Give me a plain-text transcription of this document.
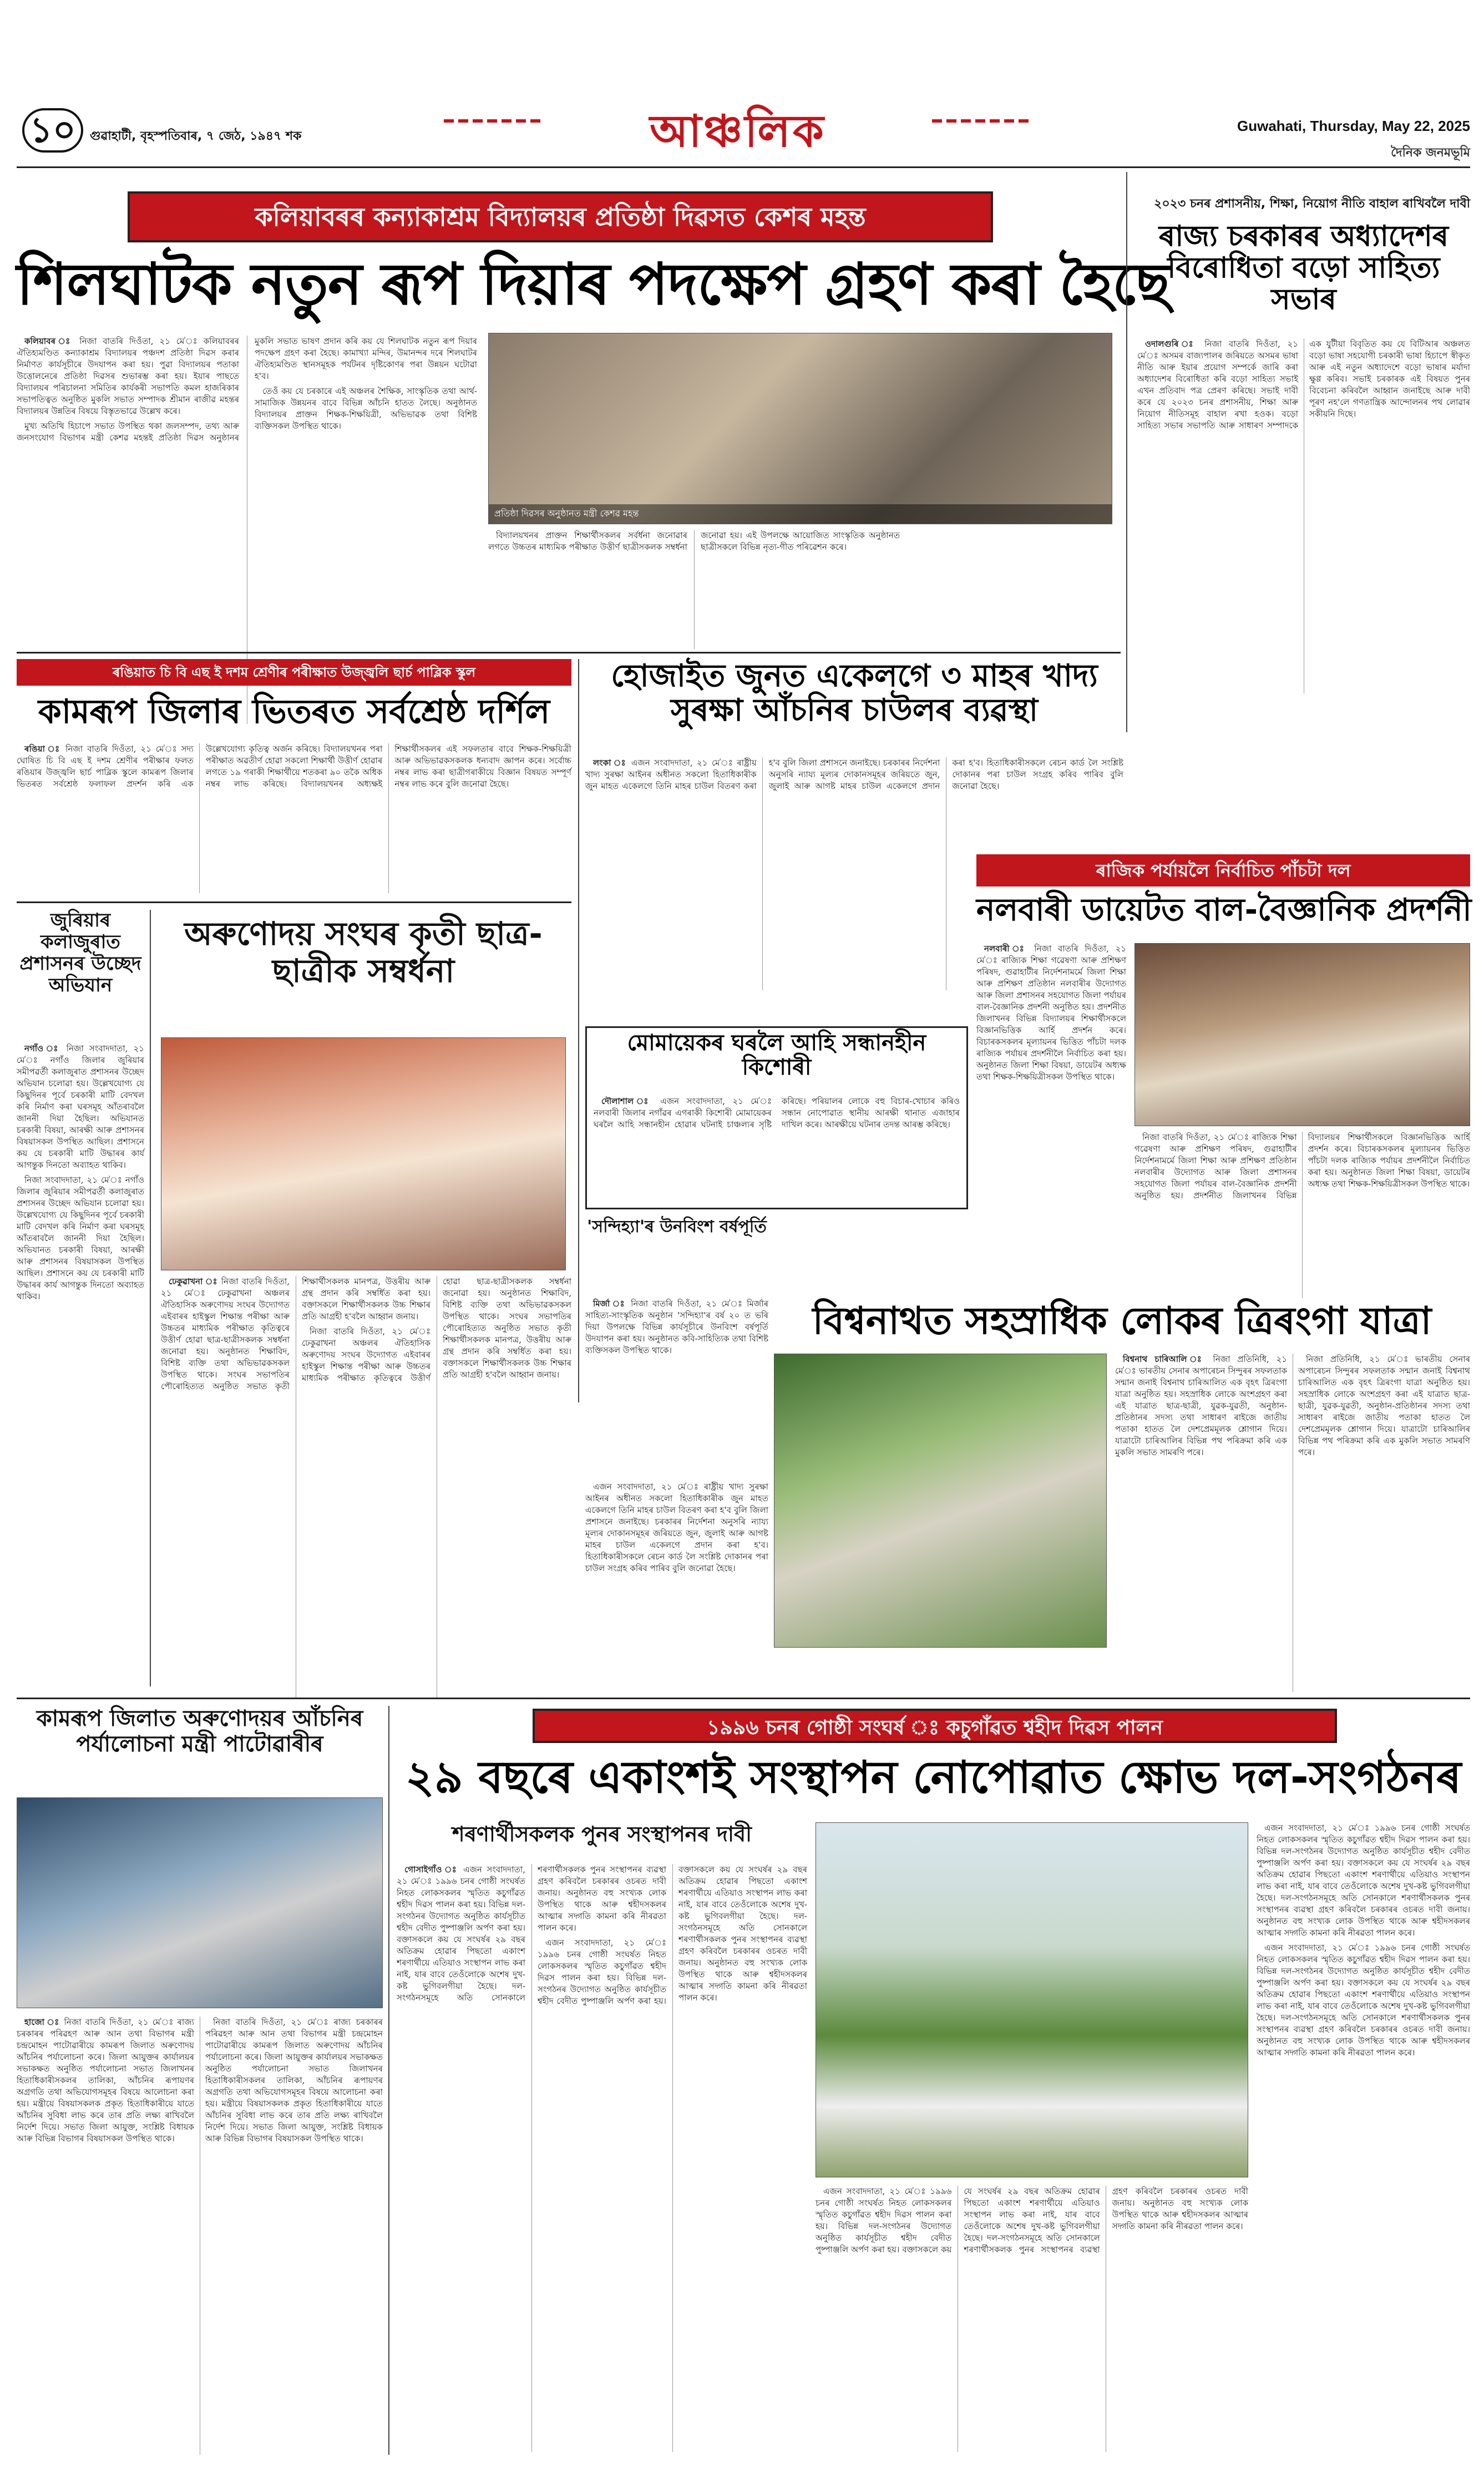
১০	গুৱাহাটী, বৃহস্পতিবাৰ, ৭ জেঠ, ১৯৪৭ শক	আঞ্চলিক	Guwahati, Thursday, May 22, 2025
দৈনিক জনমভূমি
কলিয়াবৰৰ কন্যাকাশ্ৰম বিদ্যালয়ৰ প্ৰতিষ্ঠা দিৱসত কেশৰ মহন্ত
শিলঘাটক নতুন ৰূপ দিয়াৰ পদক্ষেপ গ্ৰহণ কৰা হৈছে

কলিয়াবৰ ঃ নিজা বাতৰি দিওঁতা, ২১ মে'ঃ কলিয়াবৰৰ ঐতিহ্যমণ্ডিত কন্যাকাশ্ৰম বিদ্যালয়ৰ পঞ্চদশ প্ৰতিষ্ঠা দিৱস কৰাৰ নিৰ্মাণত কাৰ্যসূচীৰে উদযাপন কৰা হয়। পুৱা বিদ্যালয়ৰ পতাকা উত্তোলনেৰে প্ৰতিষ্ঠা দিৱসৰ শুভাৰম্ভ কৰা হয়। ইয়াৰ পাছতে বিদ্যালয়ৰ পৰিচালনা সমিতিৰ কাৰ্যকৰী সভাপতি কমল হাজৰিকাৰ সভাপতিত্বত অনুষ্ঠিত মুকলি সভাত সম্পাদক শ্ৰীমান ৰাজীৱ মহন্তৰ বিদ্যালয়ৰ উন্নতিৰ বিষয়ে বিস্তৃতভাৱে উল্লেখ কৰে।

মুখ্য অতিথি হিচাপে সভাত উপস্থিত থকা জলসম্পদ, তথ্য আৰু জনসংযোগ বিভাগৰ মন্ত্ৰী কেশৱ মহন্তই প্ৰতিষ্ঠা দিৱস অনুষ্ঠানৰ মুকলি সভাত ভাষণ প্ৰদান কৰি কয় যে শিলঘাটক নতুন ৰূপ দিয়াৰ পদক্ষেপ গ্ৰহণ কৰা হৈছে। কামাখ্যা মন্দিৰ, উমানন্দৰ দৰে শিলঘাটৰ ঐতিহ্যমণ্ডিত স্থানসমূহক পৰ্যটনৰ দৃষ্টিকোণৰ পৰা উন্নয়ন ঘটোৱা হ'ব।

তেওঁ কয় যে চৰকাৰে এই অঞ্চলৰ শৈক্ষিক, সাংস্কৃতিক তথা আৰ্থ-সামাজিক উন্নয়নৰ বাবে বিভিন্ন আঁচনি হাতত লৈছে। অনুষ্ঠানত বিদ্যালয়ৰ প্ৰাক্তন শিক্ষক-শিক্ষয়িত্ৰী, অভিভাৱক তথা বিশিষ্ট ব্যক্তিসকল উপস্থিত থাকে।

প্ৰতিষ্ঠা দিৱসৰ অনুষ্ঠানত মন্ত্ৰী কেশৱ মহন্ত

বিদ্যালয়খনৰ প্ৰাক্তন শিক্ষাৰ্থীসকলৰ সৰ্বৰ্ধনা জনোৱাৰ লগতে উচ্চতৰ মাধ্যমিক পৰীক্ষাত উত্তীৰ্ণ ছাত্ৰীসকলক সম্বৰ্ধনা জনোৱা হয়। এই উপলক্ষে আয়োজিত সাংস্কৃতিক অনুষ্ঠানত ছাত্ৰীসকলে বিভিন্ন নৃত্য-গীত পৰিৱেশন কৰে।

২০২৩ চনৰ প্ৰশাসনীয়, শিক্ষা, নিয়োগ নীতি বাহাল ৰাখিবলৈ দাবী
ৰাজ্য চৰকাৰৰ অধ্যাদেশৰ বিৰোধিতা বড়ো সাহিত্য সভাৰ

ওদালগুৰি ঃ নিজা বাতৰি দিওঁতা, ২১ মে'ঃ অসমৰ বাজ্যপালৰ জৰিয়তে অসমৰ ভাষা নীতি আৰু ইয়াৰ প্ৰয়োগ সম্পৰ্কে জাৰি কৰা অধ্যাদেশৰ বিৰোধিতা কৰি বড়ো সাহিত্য সভাই এখন প্ৰতিবাদ পত্ৰ প্ৰেৰণ কৰিছে। সভাই দাবী কৰে যে ২০২৩ চনৰ প্ৰশাসনীয়, শিক্ষা আৰু নিয়োগ নীতিসমূহ বাহাল ৰখা হওক। বড়ো সাহিত্য সভাৰ সভাপতি আৰু সাধাৰণ সম্পাদকে এক যুটীয়া বিবৃতিত কয় যে বিটিআৰ অঞ্চলত বড়ো ভাষা সহযোগী চৰকাৰী ভাষা হিচাপে স্বীকৃত আৰু এই নতুন অধ্যাদেশে বড়ো ভাষাৰ মৰ্যাদা ক্ষুণ্ণ কৰিব। সভাই চৰকাৰক এই বিষয়ত পুনৰ বিবেচনা কৰিবলৈ আহ্বান জনাইছে আৰু দাবী পূৰণ নহ'লে গণতান্ত্ৰিক আন্দোলনৰ পথ লোৱাৰ সকীয়নি দিছে।

ৰঙিয়াত চি বি এছ ই দশম শ্ৰেণীৰ পৰীক্ষাত উজ্জ্বলি ছাৰ্চ পাব্লিক স্কুল
কামৰূপ জিলাৰ ভিতৰত সৰ্বশ্ৰেষ্ঠ দৰ্শিল

ৰঙিয়া ঃ নিজা বাতৰি দিওঁতা, ২১ মে'ঃ সদ্য ঘোষিত চি বি এছ ই দশম শ্ৰেণীৰ পৰীক্ষাৰ ফলত ৰঙিয়াৰ উজ্জ্বলি ছাৰ্চ পাব্লিক স্কুলে কামৰূপ জিলাৰ ভিতৰত সৰ্বশ্ৰেষ্ঠ ফলাফল প্ৰদৰ্শন কৰি এক উল্লেখযোগ্য কৃতিত্ব অৰ্জন কৰিছে। বিদ্যালয়খনৰ পৰা পৰীক্ষাত অৱতীৰ্ণ হোৱা সকলো শিক্ষাৰ্থী উত্তীৰ্ণ হোৱাৰ লগতে ১৯ গৰাকী শিক্ষাৰ্থীয়ে শতকৰা ৯০ তকৈ অধিক নম্বৰ লাভ কৰিছে। বিদ্যালয়খনৰ অধ্যক্ষই শিক্ষাৰ্থীসকলৰ এই সফলতাৰ বাবে শিক্ষক-শিক্ষয়িত্ৰী আৰু অভিভাৱকসকলক ধন্যবাদ জ্ঞাপন কৰে। সৰ্বোচ্চ নম্বৰ লাভ কৰা ছাত্ৰীগৰাকীয়ে বিজ্ঞান বিষয়ত সম্পূৰ্ণ নম্বৰ লাভ কৰে বুলি জনোৱা হৈছে।

হোজাইত জুনত একেলগে ৩ মাহৰ খাদ্য সুৰক্ষা আঁচনিৰ চাউলৰ ব্যৱস্থা

লংকা ঃ এজন সংবাদদাতা, ২১ মে'ঃ ৰাষ্ট্ৰীয় খাদ্য সুৰক্ষা আইনৰ অধীনত সকলো হিতাধিকাৰীক জুন মাহত একেলগে তিনি মাহৰ চাউল বিতৰণ কৰা হ'ব বুলি জিলা প্ৰশাসনে জনাইছে। চৰকাৰৰ নিৰ্দেশনা অনুসৰি ন্যায্য মূল্যৰ দোকানসমূহৰ জৰিয়তে জুন, জুলাই আৰু আগষ্ট মাহৰ চাউল একেলগে প্ৰদান কৰা হ'ব। হিতাধিকাৰীসকলে ৰেচন কাৰ্ড লৈ সংশ্লিষ্ট দোকানৰ পৰা চাউল সংগ্ৰহ কৰিব পাৰিব বুলি জনোৱা হৈছে।

ৰাজিক পৰ্যায়লৈ নিৰ্বাচিত পাঁচটা দল
নলবাৰী ডায়েটত বাল-বৈজ্ঞানিক প্ৰদৰ্শনী

নলবাৰী ঃ নিজা বাতৰি দিওঁতা, ২১ মে'ঃ ৰাজ্যিক শিক্ষা গৱেষণা আৰু প্ৰশিক্ষণ পৰিষদ, গুৱাহাটীৰ নিৰ্দেশনামৰ্মে জিলা শিক্ষা আৰু প্ৰশিক্ষণ প্ৰতিষ্ঠান নলবাৰীৰ উদ্যোগত আৰু জিলা প্ৰশাসনৰ সহযোগত জিলা পৰ্যায়ৰ বাল-বৈজ্ঞানিক প্ৰদৰ্শনী অনুষ্ঠিত হয়। প্ৰদৰ্শনীত জিলাখনৰ বিভিন্ন বিদ্যালয়ৰ শিক্ষাৰ্থীসকলে বিজ্ঞানভিত্তিক আৰ্হি প্ৰদৰ্শন কৰে। বিচাৰকসকলৰ মূল্যায়নৰ ভিত্তিত পাঁচটা দলক ৰাজ্যিক পৰ্যায়ৰ প্ৰদৰ্শনীলৈ নিৰ্বাচিত কৰা হয়। অনুষ্ঠানত জিলা শিক্ষা বিষয়া, ডায়েটৰ অধ্যক্ষ তথা শিক্ষক-শিক্ষয়িত্ৰীসকল উপস্থিত থাকে।

নিজা বাতৰি দিওঁতা, ২১ মে'ঃ ৰাজ্যিক শিক্ষা গৱেষণা আৰু প্ৰশিক্ষণ পৰিষদ, গুৱাহাটীৰ নিৰ্দেশনামৰ্মে জিলা শিক্ষা আৰু প্ৰশিক্ষণ প্ৰতিষ্ঠান নলবাৰীৰ উদ্যোগত আৰু জিলা প্ৰশাসনৰ সহযোগত জিলা পৰ্যায়ৰ বাল-বৈজ্ঞানিক প্ৰদৰ্শনী অনুষ্ঠিত হয়। প্ৰদৰ্শনীত জিলাখনৰ বিভিন্ন বিদ্যালয়ৰ শিক্ষাৰ্থীসকলে বিজ্ঞানভিত্তিক আৰ্হি প্ৰদৰ্শন কৰে। বিচাৰকসকলৰ মূল্যায়নৰ ভিত্তিত পাঁচটা দলক ৰাজ্যিক পৰ্যায়ৰ প্ৰদৰ্শনীলৈ নিৰ্বাচিত কৰা হয়। অনুষ্ঠানত জিলা শিক্ষা বিষয়া, ডায়েটৰ অধ্যক্ষ তথা শিক্ষক-শিক্ষয়িত্ৰীসকল উপস্থিত থাকে।

মোমায়েকৰ ঘৰলৈ আহি সন্ধানহীন কিশোৰী

দৌলাশাল ঃ এজন সংবাদদাতা, ২১ মে'ঃ নলবাৰী জিলাৰ নগাঁৱৰ এগৰাকী কিশোৰী মোমায়েকৰ ঘৰলৈ আহি সন্ধানহীন হোৱাৰ ঘটনাই চাঞ্চল্যৰ সৃষ্টি কৰিছে। পৰিয়ালৰ লোকে বহু বিচাৰ-খোচাৰ কৰিও সন্ধান নোপোৱাত স্থানীয় আৰক্ষী থানাত এজাহাৰ দাখিল কৰে। আৰক্ষীয়ে ঘটনাৰ তদন্ত আৰম্ভ কৰিছে।

জুৰিয়াৰ কলাজুৰাত প্ৰশাসনৰ উচ্ছেদ অভিযান

নগাঁও ঃ নিজা সংবাদদাতা, ২১ মে'ঃ নগাঁও জিলাৰ জুৰিয়াৰ সমীপৱৰ্তী কলাজুৰাত প্ৰশাসনৰ উচ্ছেদ অভিযান চলোৱা হয়। উল্লেখযোগ্য যে কিছুদিনৰ পূৰ্বে চৰকাৰী মাটি বেদখল কৰি নিৰ্মাণ কৰা ঘৰসমূহ আঁতৰাবলৈ জাননী দিয়া হৈছিল। অভিযানত চৰকাৰী বিষয়া, আৰক্ষী আৰু প্ৰশাসনৰ বিষয়াসকল উপস্থিত আছিল। প্ৰশাসনে কয় যে চৰকাৰী মাটি উদ্ধাৰৰ কাৰ্য আগন্তুক দিনতো অব্যাহত থাকিব।

নিজা সংবাদদাতা, ২১ মে'ঃ নগাঁও জিলাৰ জুৰিয়াৰ সমীপৱৰ্তী কলাজুৰাত প্ৰশাসনৰ উচ্ছেদ অভিযান চলোৱা হয়। উল্লেখযোগ্য যে কিছুদিনৰ পূৰ্বে চৰকাৰী মাটি বেদখল কৰি নিৰ্মাণ কৰা ঘৰসমূহ আঁতৰাবলৈ জাননী দিয়া হৈছিল। অভিযানত চৰকাৰী বিষয়া, আৰক্ষী আৰু প্ৰশাসনৰ বিষয়াসকল উপস্থিত আছিল। প্ৰশাসনে কয় যে চৰকাৰী মাটি উদ্ধাৰৰ কাৰ্য আগন্তুক দিনতো অব্যাহত থাকিব।

অৰুণোদয় সংঘৰ কৃতী ছাত্ৰ-ছাত্ৰীক সম্বৰ্ধনা

ঢেকুৱাখনা ঃ নিজা বাতৰি দিওঁতা, ২১ মে'ঃ ঢেকুৱাখনা অঞ্চলৰ ঐতিহাসিক অৰুণোদয় সংঘৰ উদ্যোগত এইবাৰৰ হাইস্কুল শিক্ষান্ত পৰীক্ষা আৰু উচ্চতৰ মাধ্যমিক পৰীক্ষাত কৃতিত্বৰে উত্তীৰ্ণ হোৱা ছাত্ৰ-ছাত্ৰীসকলক সম্বৰ্ধনা জনোৱা হয়। অনুষ্ঠানত শিক্ষাবিদ, বিশিষ্ট ব্যক্তি তথা অভিভাৱকসকল উপস্থিত থাকে। সংঘৰ সভাপতিৰ পৌৰোহিত্যত অনুষ্ঠিত সভাত কৃতী শিক্ষাৰ্থীসকলক মানপত্ৰ, উত্তৰীয় আৰু গ্ৰন্থ প্ৰদান কৰি সম্বৰ্ধিত কৰা হয়। বক্তাসকলে শিক্ষাৰ্থীসকলক উচ্চ শিক্ষাৰ প্ৰতি আগ্ৰহী হ'বলৈ আহ্বান জনায়।

নিজা বাতৰি দিওঁতা, ২১ মে'ঃ ঢেকুৱাখনা অঞ্চলৰ ঐতিহাসিক অৰুণোদয় সংঘৰ উদ্যোগত এইবাৰৰ হাইস্কুল শিক্ষান্ত পৰীক্ষা আৰু উচ্চতৰ মাধ্যমিক পৰীক্ষাত কৃতিত্বৰে উত্তীৰ্ণ হোৱা ছাত্ৰ-ছাত্ৰীসকলক সম্বৰ্ধনা জনোৱা হয়। অনুষ্ঠানত শিক্ষাবিদ, বিশিষ্ট ব্যক্তি তথা অভিভাৱকসকল উপস্থিত থাকে। সংঘৰ সভাপতিৰ পৌৰোহিত্যত অনুষ্ঠিত সভাত কৃতী শিক্ষাৰ্থীসকলক মানপত্ৰ, উত্তৰীয় আৰু গ্ৰন্থ প্ৰদান কৰি সম্বৰ্ধিত কৰা হয়। বক্তাসকলে শিক্ষাৰ্থীসকলক উচ্চ শিক্ষাৰ প্ৰতি আগ্ৰহী হ'বলৈ আহ্বান জনায়।

'সন্দিহ্যা'ৰ উনবিংশ বৰ্ষপূৰ্তি

মিৰ্জা ঃ নিজা বাতৰি দিওঁতা, ২১ মে'ঃ মিৰ্জাৰ সাহিত্য-সাংস্কৃতিক অনুষ্ঠান 'সন্দিহ্যা'ৰ বৰ্ষ ২০ ত ভৰি দিয়া উপলক্ষে বিভিন্ন কাৰ্যসূচীৰে উনবিংশ বৰ্ষপূৰ্তি উদযাপন কৰা হয়। অনুষ্ঠানত কবি-সাহিত্যিক তথা বিশিষ্ট ব্যক্তিসকল উপস্থিত থাকে।

বিশ্বনাথত সহস্ৰাধিক লোকৰ ত্ৰিৰংগা যাত্ৰা

বিশ্বনাথ চাৰিআলি ঃ নিজা প্ৰতিনিধি, ২১ মে'ঃ ভাৰতীয় সেনাৰ অপাৰেচন সিন্দুৰৰ সফলতাক সন্মান জনাই বিশ্বনাথ চাৰিআলিত এক বৃহৎ ত্ৰিৰংগা যাত্ৰা অনুষ্ঠিত হয়। সহস্ৰাধিক লোকে অংশগ্ৰহণ কৰা এই যাত্ৰাত ছাত্ৰ-ছাত্ৰী, যুৱক-যুৱতী, অনুষ্ঠান-প্ৰতিষ্ঠানৰ সদস্য তথা সাধাৰণ ৰাইজে জাতীয় পতাকা হাতত লৈ দেশপ্ৰেমমূলক শ্লোগান দিয়ে। যাত্ৰাটো চাৰিআলিৰ বিভিন্ন পথ পৰিক্ৰমা কৰি এক মুকলি সভাত সামৰণি পৰে।

নিজা প্ৰতিনিধি, ২১ মে'ঃ ভাৰতীয় সেনাৰ অপাৰেচন সিন্দুৰৰ সফলতাক সন্মান জনাই বিশ্বনাথ চাৰিআলিত এক বৃহৎ ত্ৰিৰংগা যাত্ৰা অনুষ্ঠিত হয়। সহস্ৰাধিক লোকে অংশগ্ৰহণ কৰা এই যাত্ৰাত ছাত্ৰ-ছাত্ৰী, যুৱক-যুৱতী, অনুষ্ঠান-প্ৰতিষ্ঠানৰ সদস্য তথা সাধাৰণ ৰাইজে জাতীয় পতাকা হাতত লৈ দেশপ্ৰেমমূলক শ্লোগান দিয়ে। যাত্ৰাটো চাৰিআলিৰ বিভিন্ন পথ পৰিক্ৰমা কৰি এক মুকলি সভাত সামৰণি পৰে।

এজন সংবাদদাতা, ২১ মে'ঃ ৰাষ্ট্ৰীয় খাদ্য সুৰক্ষা আইনৰ অধীনত সকলো হিতাধিকাৰীক জুন মাহত একেলগে তিনি মাহৰ চাউল বিতৰণ কৰা হ'ব বুলি জিলা প্ৰশাসনে জনাইছে। চৰকাৰৰ নিৰ্দেশনা অনুসৰি ন্যায্য মূল্যৰ দোকানসমূহৰ জৰিয়তে জুন, জুলাই আৰু আগষ্ট মাহৰ চাউল একেলগে প্ৰদান কৰা হ'ব। হিতাধিকাৰীসকলে ৰেচন কাৰ্ড লৈ সংশ্লিষ্ট দোকানৰ পৰা চাউল সংগ্ৰহ কৰিব পাৰিব বুলি জনোৱা হৈছে।

কামৰূপ জিলাত অৰুণোদয়ৰ আঁচনিৰ পৰ্যালোচনা মন্ত্ৰী পাটোৱাৰীৰ

হাজো ঃ নিজা বাতৰি দিওঁতা, ২১ মে'ঃ ৰাজ্য চৰকাৰৰ পৰিৱহণ আৰু আন তথা বিভাগৰ মন্ত্ৰী চন্দ্ৰমোহন পাটোৱাৰীয়ে কামৰূপ জিলাত অৰুণোদয় আঁচনিৰ পৰ্যালোচনা কৰে। জিলা আয়ুক্তৰ কাৰ্যালয়ৰ সভাকক্ষত অনুষ্ঠিত পৰ্যালোচনা সভাত জিলাখনৰ হিতাধিকাৰীসকলৰ তালিকা, আঁচনিৰ ৰূপায়ণৰ অগ্ৰগতি তথা অভিযোগসমূহৰ বিষয়ে আলোচনা কৰা হয়। মন্ত্ৰীয়ে বিষয়াসকলক প্ৰকৃত হিতাধিকাৰীয়ে যাতে আঁচনিৰ সুবিধা লাভ কৰে তাৰ প্ৰতি লক্ষ্য ৰাখিবলৈ নিৰ্দেশ দিয়ে। সভাত জিলা আয়ুক্ত, সংশ্লিষ্ট বিধায়ক আৰু বিভিন্ন বিভাগৰ বিষয়াসকল উপস্থিত থাকে।

নিজা বাতৰি দিওঁতা, ২১ মে'ঃ ৰাজ্য চৰকাৰৰ পৰিৱহণ আৰু আন তথা বিভাগৰ মন্ত্ৰী চন্দ্ৰমোহন পাটোৱাৰীয়ে কামৰূপ জিলাত অৰুণোদয় আঁচনিৰ পৰ্যালোচনা কৰে। জিলা আয়ুক্তৰ কাৰ্যালয়ৰ সভাকক্ষত অনুষ্ঠিত পৰ্যালোচনা সভাত জিলাখনৰ হিতাধিকাৰীসকলৰ তালিকা, আঁচনিৰ ৰূপায়ণৰ অগ্ৰগতি তথা অভিযোগসমূহৰ বিষয়ে আলোচনা কৰা হয়। মন্ত্ৰীয়ে বিষয়াসকলক প্ৰকৃত হিতাধিকাৰীয়ে যাতে আঁচনিৰ সুবিধা লাভ কৰে তাৰ প্ৰতি লক্ষ্য ৰাখিবলৈ নিৰ্দেশ দিয়ে। সভাত জিলা আয়ুক্ত, সংশ্লিষ্ট বিধায়ক আৰু বিভিন্ন বিভাগৰ বিষয়াসকল উপস্থিত থাকে।

১৯৯৬ চনৰ গোষ্ঠী সংঘৰ্ষ ঃ কচুগাঁৱত শ্বহীদ দিৱস পালন
২৯ বছৰে একাংশই সংস্থাপন নোপোৱাত ক্ষোভ দল-সংগঠনৰ
শৰণাৰ্থীসকলক পুনৰ সংস্থাপনৰ দাবী

গোসাইগাঁও ঃ এজন সংবাদদাতা, ২১ মে'ঃ ১৯৯৬ চনৰ গোষ্ঠী সংঘৰ্ষত নিহত লোকসকলৰ স্মৃতিত কচুগাঁৱত শ্বহীদ দিৱস পালন কৰা হয়। বিভিন্ন দল-সংগঠনৰ উদ্যোগত অনুষ্ঠিত কাৰ্যসূচীত শ্বহীদ বেদীত পুষ্পাঞ্জলি অৰ্পণ কৰা হয়। বক্তাসকলে কয় যে সংঘৰ্ষৰ ২৯ বছৰ অতিক্ৰম হোৱাৰ পিছতো একাংশ শৰণাৰ্থীয়ে এতিয়াও সংস্থাপন লাভ কৰা নাই, যাৰ বাবে তেওঁলোকে অশেষ দুখ-কষ্ট ভুগিবলগীয়া হৈছে। দল-সংগঠনসমূহে অতি সোনকালে শৰণাৰ্থীসকলক পুনৰ সংস্থাপনৰ ব্যৱস্থা গ্ৰহণ কৰিবলৈ চৰকাৰৰ ওচৰত দাবী জনায়। অনুষ্ঠানত বহু সংখ্যক লোক উপস্থিত থাকে আৰু শ্বহীদসকলৰ আত্মাৰ সদ্গতি কামনা কৰি নীৰৱতা পালন কৰে।

এজন সংবাদদাতা, ২১ মে'ঃ ১৯৯৬ চনৰ গোষ্ঠী সংঘৰ্ষত নিহত লোকসকলৰ স্মৃতিত কচুগাঁৱত শ্বহীদ দিৱস পালন কৰা হয়। বিভিন্ন দল-সংগঠনৰ উদ্যোগত অনুষ্ঠিত কাৰ্যসূচীত শ্বহীদ বেদীত পুষ্পাঞ্জলি অৰ্পণ কৰা হয়। বক্তাসকলে কয় যে সংঘৰ্ষৰ ২৯ বছৰ অতিক্ৰম হোৱাৰ পিছতো একাংশ শৰণাৰ্থীয়ে এতিয়াও সংস্থাপন লাভ কৰা নাই, যাৰ বাবে তেওঁলোকে অশেষ দুখ-কষ্ট ভুগিবলগীয়া হৈছে। দল-সংগঠনসমূহে অতি সোনকালে শৰণাৰ্থীসকলক পুনৰ সংস্থাপনৰ ব্যৱস্থা গ্ৰহণ কৰিবলৈ চৰকাৰৰ ওচৰত দাবী জনায়। অনুষ্ঠানত বহু সংখ্যক লোক উপস্থিত থাকে আৰু শ্বহীদসকলৰ আত্মাৰ সদ্গতি কামনা কৰি নীৰৱতা পালন কৰে।

এজন সংবাদদাতা, ২১ মে'ঃ ১৯৯৬ চনৰ গোষ্ঠী সংঘৰ্ষত নিহত লোকসকলৰ স্মৃতিত কচুগাঁৱত শ্বহীদ দিৱস পালন কৰা হয়। বিভিন্ন দল-সংগঠনৰ উদ্যোগত অনুষ্ঠিত কাৰ্যসূচীত শ্বহীদ বেদীত পুষ্পাঞ্জলি অৰ্পণ কৰা হয়। বক্তাসকলে কয় যে সংঘৰ্ষৰ ২৯ বছৰ অতিক্ৰম হোৱাৰ পিছতো একাংশ শৰণাৰ্থীয়ে এতিয়াও সংস্থাপন লাভ কৰা নাই, যাৰ বাবে তেওঁলোকে অশেষ দুখ-কষ্ট ভুগিবলগীয়া হৈছে। দল-সংগঠনসমূহে অতি সোনকালে শৰণাৰ্থীসকলক পুনৰ সংস্থাপনৰ ব্যৱস্থা গ্ৰহণ কৰিবলৈ চৰকাৰৰ ওচৰত দাবী জনায়। অনুষ্ঠানত বহু সংখ্যক লোক উপস্থিত থাকে আৰু শ্বহীদসকলৰ আত্মাৰ সদ্গতি কামনা কৰি নীৰৱতা পালন কৰে।

এজন সংবাদদাতা, ২১ মে'ঃ ১৯৯৬ চনৰ গোষ্ঠী সংঘৰ্ষত নিহত লোকসকলৰ স্মৃতিত কচুগাঁৱত শ্বহীদ দিৱস পালন কৰা হয়। বিভিন্ন দল-সংগঠনৰ উদ্যোগত অনুষ্ঠিত কাৰ্যসূচীত শ্বহীদ বেদীত পুষ্পাঞ্জলি অৰ্পণ কৰা হয়। বক্তাসকলে কয় যে সংঘৰ্ষৰ ২৯ বছৰ অতিক্ৰম হোৱাৰ পিছতো একাংশ শৰণাৰ্থীয়ে এতিয়াও সংস্থাপন লাভ কৰা নাই, যাৰ বাবে তেওঁলোকে অশেষ দুখ-কষ্ট ভুগিবলগীয়া হৈছে। দল-সংগঠনসমূহে অতি সোনকালে শৰণাৰ্থীসকলক পুনৰ সংস্থাপনৰ ব্যৱস্থা গ্ৰহণ কৰিবলৈ চৰকাৰৰ ওচৰত দাবী জনায়। অনুষ্ঠানত বহু সংখ্যক লোক উপস্থিত থাকে আৰু শ্বহীদসকলৰ আত্মাৰ সদ্গতি কামনা কৰি নীৰৱতা পালন কৰে।

এজন সংবাদদাতা, ২১ মে'ঃ ১৯৯৬ চনৰ গোষ্ঠী সংঘৰ্ষত নিহত লোকসকলৰ স্মৃতিত কচুগাঁৱত শ্বহীদ দিৱস পালন কৰা হয়। বিভিন্ন দল-সংগঠনৰ উদ্যোগত অনুষ্ঠিত কাৰ্যসূচীত শ্বহীদ বেদীত পুষ্পাঞ্জলি অৰ্পণ কৰা হয়। বক্তাসকলে কয় যে সংঘৰ্ষৰ ২৯ বছৰ অতিক্ৰম হোৱাৰ পিছতো একাংশ শৰণাৰ্থীয়ে এতিয়াও সংস্থাপন লাভ কৰা নাই, যাৰ বাবে তেওঁলোকে অশেষ দুখ-কষ্ট ভুগিবলগীয়া হৈছে। দল-সংগঠনসমূহে অতি সোনকালে শৰণাৰ্থীসকলক পুনৰ সংস্থাপনৰ ব্যৱস্থা গ্ৰহণ কৰিবলৈ চৰকাৰৰ ওচৰত দাবী জনায়। অনুষ্ঠানত বহু সংখ্যক লোক উপস্থিত থাকে আৰু শ্বহীদসকলৰ আত্মাৰ সদ্গতি কামনা কৰি নীৰৱতা পালন কৰে।
